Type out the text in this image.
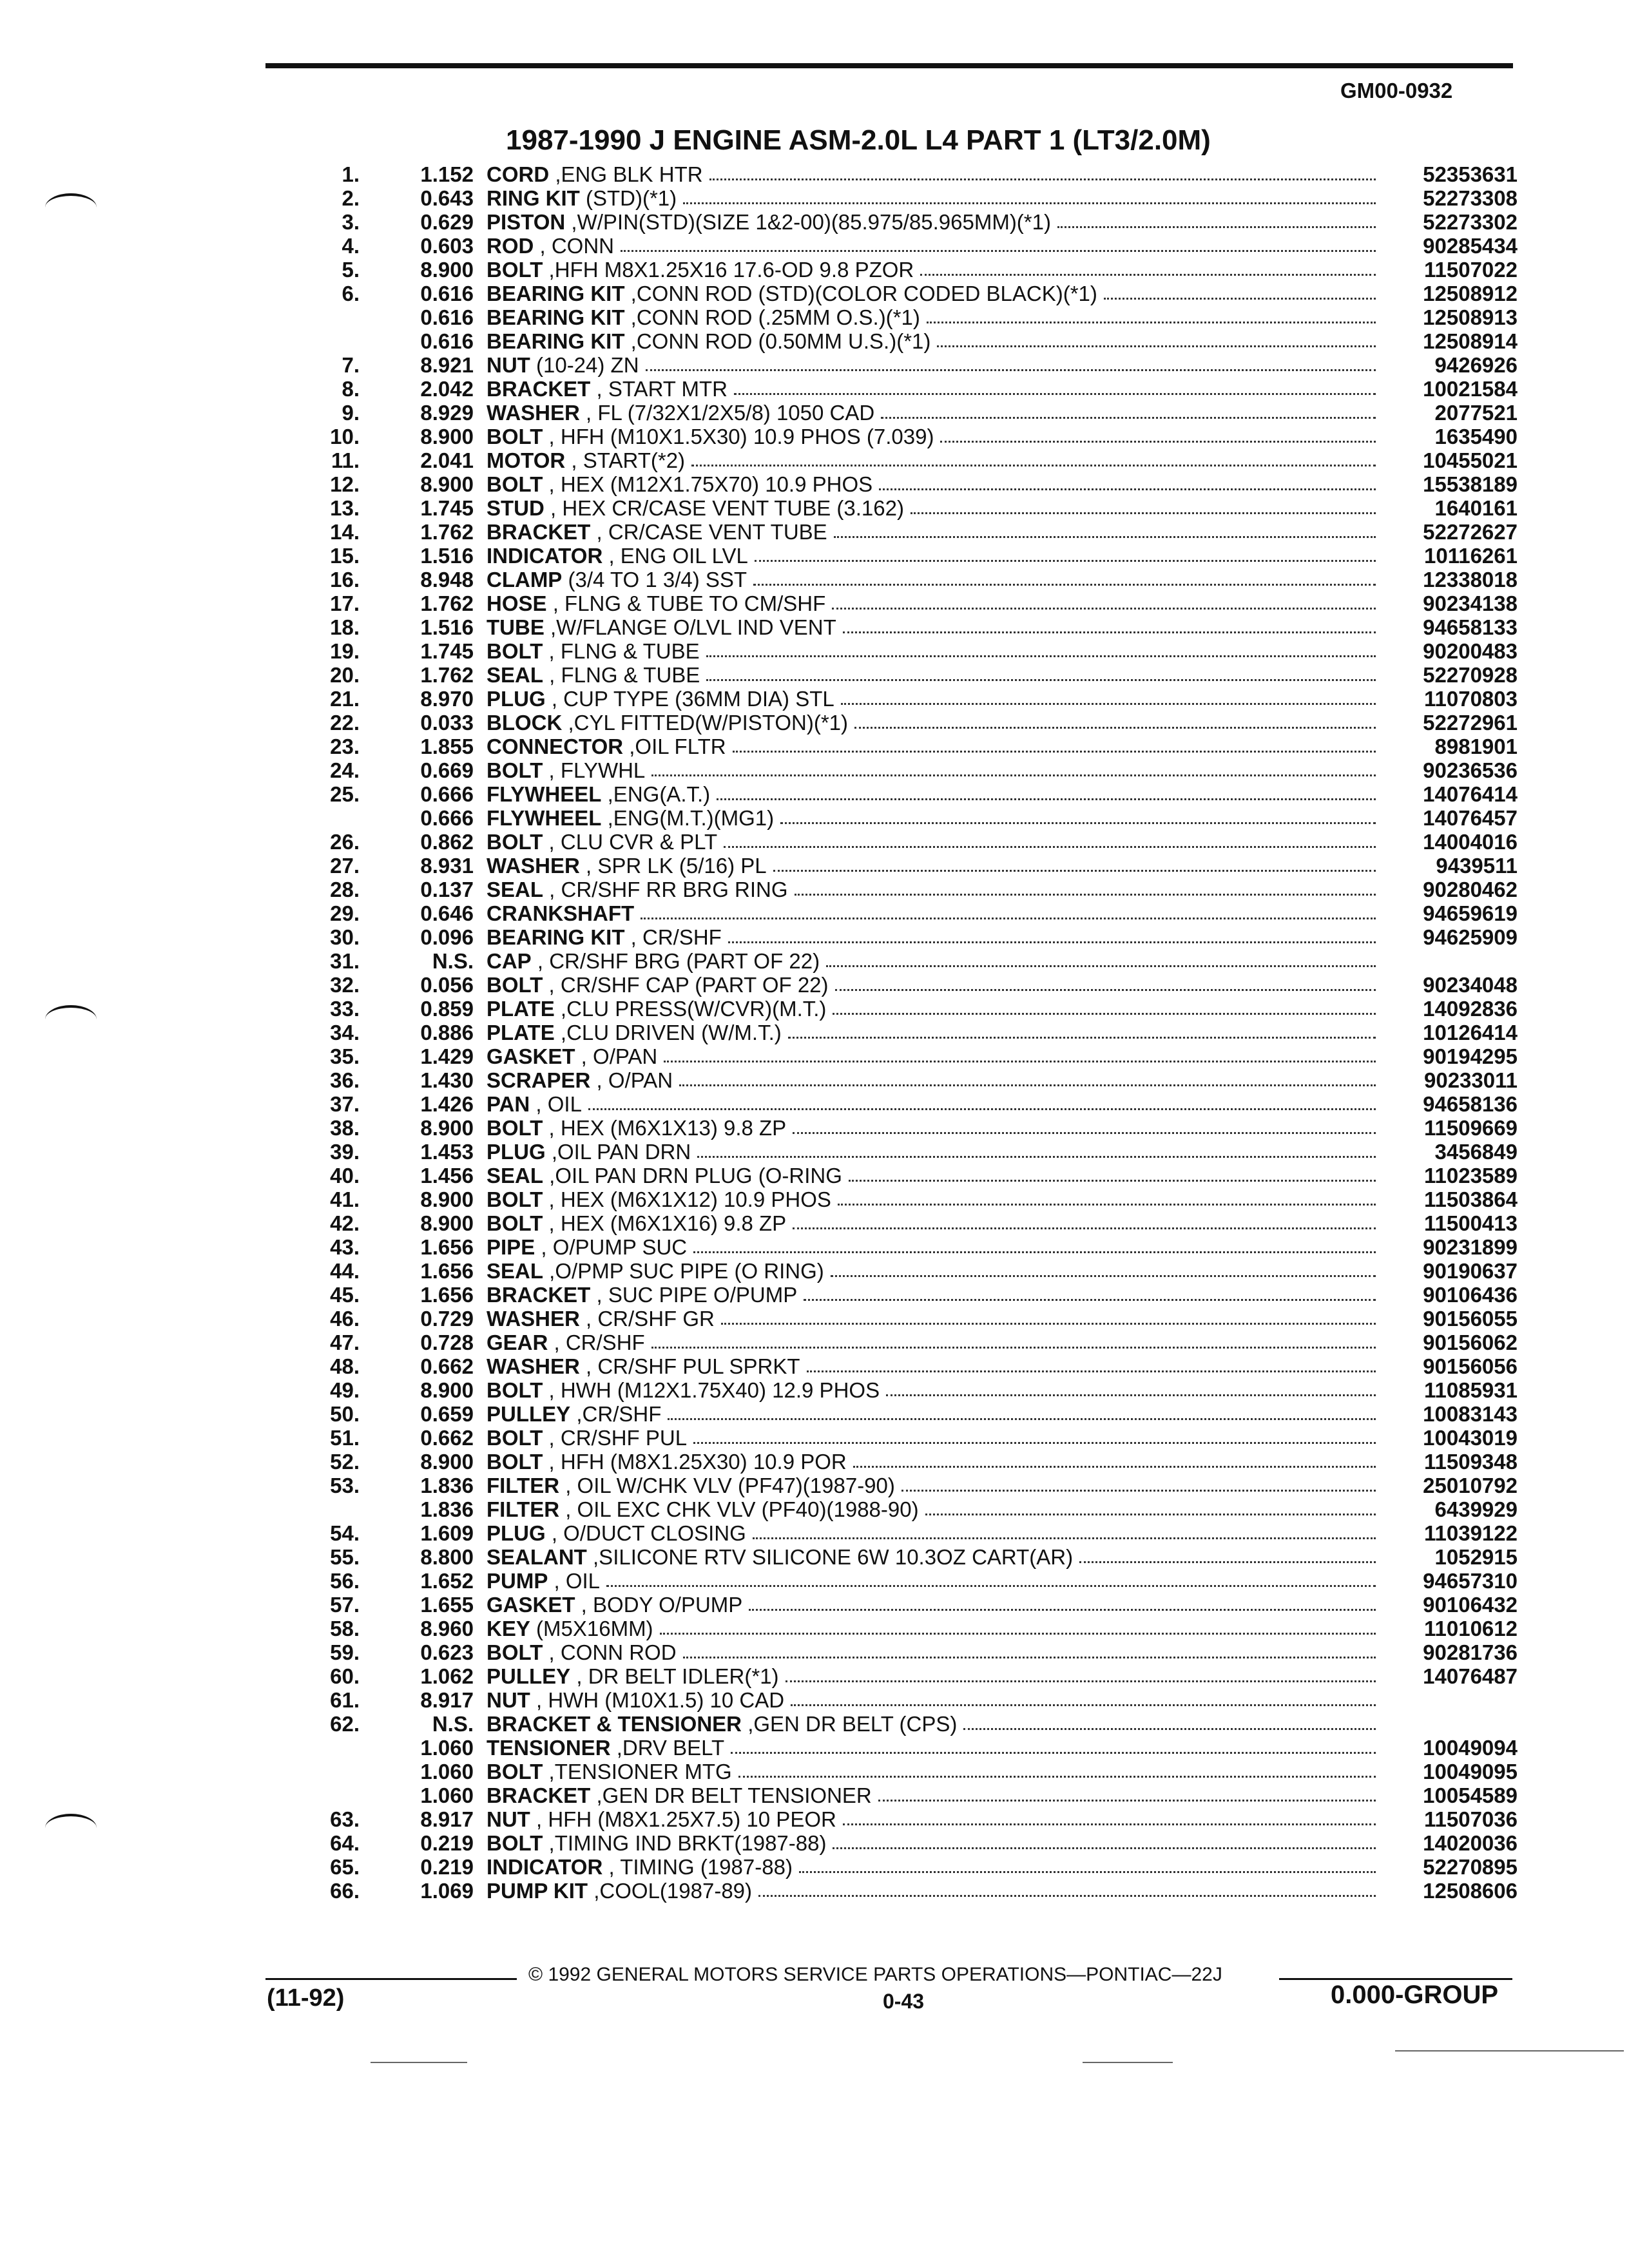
GM00-0932
1987-1990 J ENGINE ASM-2.0L L4 PART 1 (LT3/2.0M)
1.	1.152 CORD ,ENG BLK HTR	52353631
2.	0.643 RING KIT (STD)(*1)	52273308
3.	0.629 PISTON ,W/PIN(STD)(SIZE 1&2-00)(85.975/85.965MM)(*1)	52273302
4.	0.603 ROD , CONN	90285434
5.	8.900 BOLT ,HFH M8X1.25X16 17.6-OD 9.8 PZOR	11507022
6.	0.616 BEARING KIT ,CONN ROD (STD)(COLOR CODED BLACK)(*1)	12508912
0.616 BEARING KIT ,CONN ROD (.25MM O.S.)(*1)	12508913
0.616 BEARING KIT ,CONN ROD (0.50MM U.S.)(*1)	12508914
7.	8.921 NUT (10-24) ZN	9426926
8.	2.042 BRACKET , START MTR	10021584
9.	8.929 WASHER , FL (7/32X1/2X5/8) 1050 CAD	2077521
10.	8.900 BOLT , HFH (M10X1.5X30) 10.9 PHOS (7.039)	1635490
11.	2.041 MOTOR , START(*2)	10455021
12.	8.900 BOLT , HEX (M12X1.75X70) 10.9 PHOS	15538189
13.	1.745 STUD , HEX CR/CASE VENT TUBE (3.162)	1640161
14.	1.762 BRACKET , CR/CASE VENT TUBE	52272627
15.	1.516 INDICATOR , ENG OIL LVL	10116261
16.	8.948 CLAMP (3/4 TO 1 3/4) SST	12338018
17.	1.762 HOSE , FLNG & TUBE TO CM/SHF	90234138
18.	1.516 TUBE ,W/FLANGE O/LVL IND VENT	94658133
19.	1.745 BOLT , FLNG & TUBE	90200483
20.	1.762 SEAL , FLNG & TUBE	52270928
21.	8.970 PLUG , CUP TYPE (36MM DIA) STL	11070803
22.	0.033 BLOCK ,CYL FITTED(W/PISTON)(*1)	52272961
23.	1.855 CONNECTOR ,OIL FLTR	8981901
24.	0.669 BOLT , FLYWHL	90236536
25.	0.666 FLYWHEEL ,ENG(A.T.)	14076414
0.666 FLYWHEEL ,ENG(M.T.)(MG1)	14076457
26.	0.862 BOLT , CLU CVR & PLT	14004016
27.	8.931 WASHER , SPR LK (5/16) PL	9439511
28.	0.137 SEAL , CR/SHF RR BRG RING	90280462
29.	0.646 CRANKSHAFT	94659619
30.	0.096 BEARING KIT , CR/SHF	94625909
31.	N.S. CAP , CR/SHF BRG (PART OF 22)
32.	0.056 BOLT , CR/SHF CAP (PART OF 22)	90234048
33.	0.859 PLATE ,CLU PRESS(W/CVR)(M.T.)	14092836
34.	0.886 PLATE ,CLU DRIVEN (W/M.T.)	10126414
35.	1.429 GASKET , O/PAN	90194295
36.	1.430 SCRAPER , O/PAN	90233011
37.	1.426 PAN , OIL	94658136
38.	8.900 BOLT , HEX (M6X1X13) 9.8 ZP	11509669
39.	1.453 PLUG ,OIL PAN DRN	3456849
40.	1.456 SEAL ,OIL PAN DRN PLUG (O-RING	11023589
41.	8.900 BOLT , HEX (M6X1X12) 10.9 PHOS	11503864
42.	8.900 BOLT , HEX (M6X1X16) 9.8 ZP	11500413
43.	1.656 PIPE , O/PUMP SUC	90231899
44.	1.656 SEAL ,O/PMP SUC PIPE (O RING)	90190637
45.	1.656 BRACKET , SUC PIPE O/PUMP	90106436
46.	0.729 WASHER , CR/SHF GR	90156055
47.	0.728 GEAR , CR/SHF	90156062
48.	0.662 WASHER , CR/SHF PUL SPRKT	90156056
49.	8.900 BOLT , HWH (M12X1.75X40) 12.9 PHOS	11085931
50.	0.659 PULLEY ,CR/SHF	10083143
51.	0.662 BOLT , CR/SHF PUL	10043019
52.	8.900 BOLT , HFH (M8X1.25X30) 10.9 POR	11509348
53.	1.836 FILTER , OIL W/CHK VLV (PF47)(1987-90)	25010792
1.836 FILTER , OIL EXC CHK VLV (PF40)(1988-90)	6439929
54.	1.609 PLUG , O/DUCT CLOSING	11039122
55.	8.800 SEALANT ,SILICONE RTV SILICONE 6W 10.3OZ CART(AR)	1052915
56.	1.652 PUMP , OIL	94657310
57.	1.655 GASKET , BODY O/PUMP	90106432
58.	8.960 KEY (M5X16MM)	11010612
59.	0.623 BOLT , CONN ROD	90281736
60.	1.062 PULLEY , DR BELT IDLER(*1)	14076487
61.	8.917 NUT , HWH (M10X1.5) 10 CAD
62.	N.S. BRACKET & TENSIONER ,GEN DR BELT (CPS)
1.060 TENSIONER ,DRV BELT	10049094
1.060 BOLT ,TENSIONER MTG	10049095
1.060 BRACKET ,GEN DR BELT TENSIONER	10054589
63.	8.917 NUT , HFH (M8X1.25X7.5) 10 PEOR	11507036
64.	0.219 BOLT ,TIMING IND BRKT(1987-88)	14020036
65.	0.219 INDICATOR , TIMING (1987-88)	52270895
66.	1.069 PUMP KIT ,COOL(1987-89)	12508606
© 1992 GENERAL MOTORS SERVICE PARTS OPERATIONS—PONTIAC—22J
(11-92)	0-43	0.000-GROUP
